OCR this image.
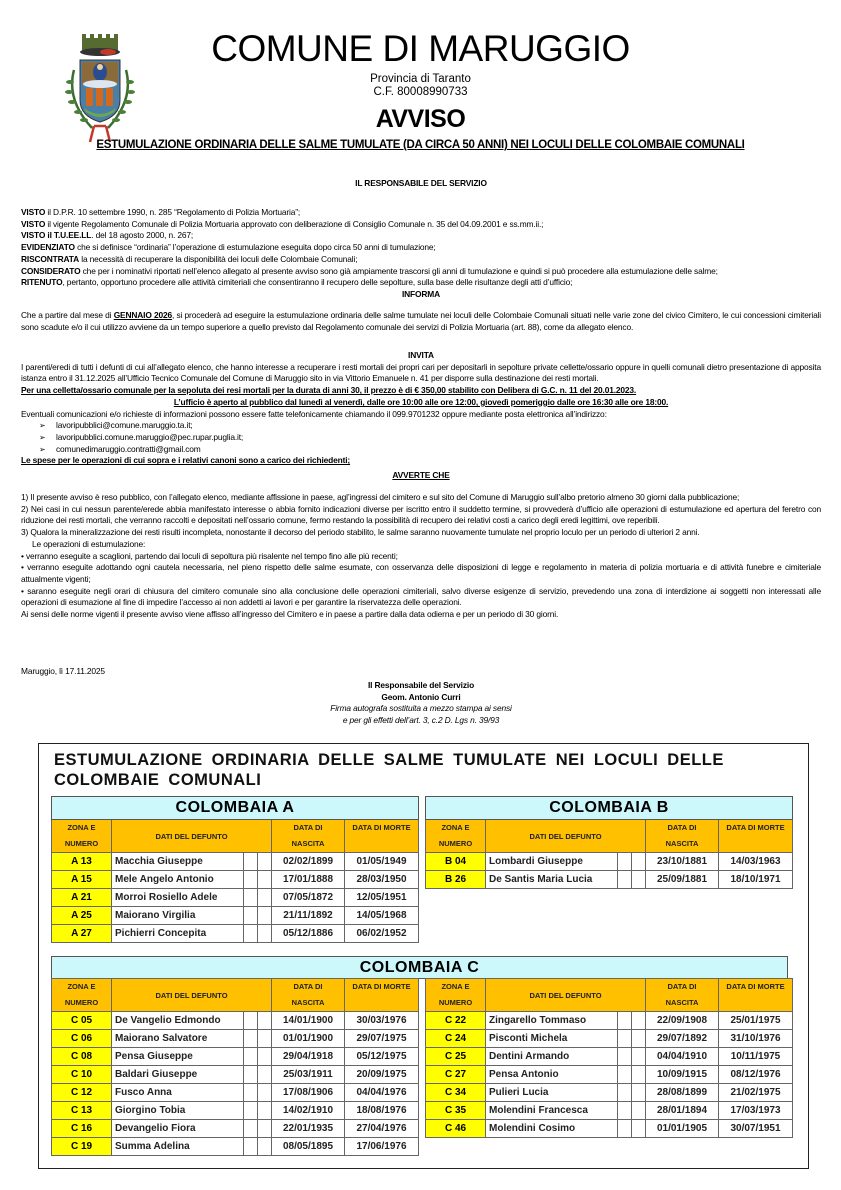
COMUNE DI MARUGGIO
Provincia di Taranto
C.F. 80008990733
AVVISO
ESTUMULAZIONE ORDINARIA DELLE SALME TUMULATE (DA CIRCA 50 ANNI) NEI LOCULI DELLE COLOMBAIE COMUNALI
IL RESPONSABILE DEL SERVIZIO

VISTO il D.P.R. 10 settembre 1990, n. 285 “Regolamento di Polizia Mortuaria”;

VISTO il vigente Regolamento Comunale di Polizia Mortuaria approvato con deliberazione di Consiglio Comunale n. 35 del 04.09.2001 e ss.mm.ii.;

VISTO il T.U.EE.LL. del 18 agosto 2000, n. 267;

EVIDENZIATO che si definisce “ordinaria” l’operazione di estumulazione eseguita dopo circa 50 anni di tumulazione;

RISCONTRATA la necessità di recuperare la disponibilità dei loculi delle Colombaie Comunali;

CONSIDERATO che per i nominativi riportati nell’elenco allegato al presente avviso sono già ampiamente trascorsi gli anni di tumulazione e quindi si può procedere alla estumulazione delle salme;

RITENUTO, pertanto, opportuno procedere alle attività cimiteriali che consentiranno il recupero delle sepolture, sulla base delle risultanze degli atti d’ufficio;

INFORMA

Che a partire dal mese di GENNAIO 2026, si procederà ad eseguire la estumulazione ordinaria delle salme tumulate nei loculi delle Colombaie Comunali situati nelle varie zone del civico Cimitero, le cui concessioni cimiteriali sono scadute e/o il cui utilizzo avviene da un tempo superiore a quello previsto dal Regolamento comunale dei servizi di Polizia Mortuaria (art. 88), come da allegato elenco.

INVITA

I parenti/eredi di tutti i defunti di cui all’allegato elenco, che hanno interesse a recuperare i resti mortali dei propri cari per depositarli in sepolture private cellette/ossario oppure in quelli comunali dietro presentazione di apposita istanza entro il 31.12.2025 all’Ufficio Tecnico Comunale del Comune di Maruggio sito in via Vittorio Emanuele n. 41 per disporre sulla destinazione dei resti mortali.

Per una celletta/ossario comunale per la sepoluta dei resi mortali per la durata di anni 30, il prezzo è di € 350,00 stabilito con Delibera di G.C. n. 11 del 20.01.2023.

L’ufficio è aperto al pubblico dal lunedì al venerdì, dalle ore 10:00 alle ore 12:00, giovedì pomeriggio dalle ore 16:30 alle ore 18:00.

Eventuali comunicazioni e/o richieste di informazioni possono essere fatte telefonicamente chiamando il 099.9701232 oppure mediante posta elettronica all’indirizzo:

➢ lavoripubblici@comune.maruggio.ta.it;
➢ lavoripubblici.comune.maruggio@pec.rupar.puglia.it;
➢ comunedimaruggio.contratti@gmail.com

Le spese per le operazioni di cui sopra e i relativi canoni sono a carico dei richiedenti;

AVVERTE CHE

1) Il presente avviso è reso pubblico, con l’allegato elenco, mediante affissione in paese, agl’ingressi del cimitero e sul sito del Comune di Maruggio sull’albo pretorio almeno 30 giorni dalla pubblicazione;

2) Nei casi in cui nessun parente/erede abbia manifestato interesse o abbia fornito indicazioni diverse per iscritto entro il suddetto termine, si provvederà d’ufficio alle operazioni di estumulazione ed apertura del feretro con riduzione dei resti mortali, che verranno raccolti e depositati nell’ossario comune, fermo restando la possibilità di recupero dei relativi costi a carico degli eredi legittimi, ove reperibili.

3) Qualora la mineralizzazione dei resti risulti incompleta, nonostante il decorso del periodo stabilito, le salme saranno nuovamente tumulate nel proprio loculo per un periodo di ulteriori 2 anni.

Le operazioni di estumulazione:

• verranno eseguite a scaglioni, partendo dai loculi di sepoltura più risalente nel tempo fino alle più recenti;

• verranno eseguite adottando ogni cautela necessaria, nel pieno rispetto delle salme esumate, con osservanza delle disposizioni di legge e regolamento in materia di polizia mortuaria e di attività funebre e cimiteriale attualmente vigenti;

• saranno eseguite negli orari di chiusura del cimitero comunale sino alla conclusione delle operazioni cimiteriali, salvo diverse esigenze di servizio, prevedendo una zona di interdizione ai soggetti non interessati alle operazioni di esumazione al fine di impedire l’accesso ai non addetti ai lavori e per garantire la riservatezza delle operazioni.

Ai sensi delle norme vigenti il presente avviso viene affisso all’ingresso del Cimitero e in paese a partire dalla data odierna e per un periodo di 30 giorni.

Maruggio, lì 17.11.2025

Il Responsabile del Servizio

Geom. Antonio Curri

Firma autografa sostituita a mezzo stampa ai sensi

e per gli effetti dell’art. 3, c.2 D. Lgs n. 39/93

ESTUMULAZIONE ORDINARIA DELLE SALME TUMULATE NEI LOCULI DELLE COLOMBAIE COMUNALI
COLOMBAIA A					

ZONA E
NUMERO	DATI DEL DEFUNTO			DATA DI
NASCITA	DATA DI MORTE
A 13	Macchia Giuseppe			02/02/1899	01/05/1949
A 15	Mele Angelo Antonio			17/01/1888	28/03/1950
A 21	Morroi Rosiello Adele			07/05/1872	12/05/1951
A 25	Maiorano Virgilia			21/11/1892	14/05/1968
A 27	Pichierri Concepita			05/12/1886	06/02/1952
COLOMBAIA B					

ZONA E
NUMERO	DATI DEL DEFUNTO			DATA DI
NASCITA	DATA DI MORTE
B 04	Lombardi Giuseppe			23/10/1881	14/03/1963
B 26	De Santis Maria Lucia			25/09/1881	18/10/1971
COLOMBAIA C
ZONA E
NUMERO	DATI DEL DEFUNTO			DATA DI
NASCITA	DATA DI MORTE
C 05	De Vangelio Edmondo			14/01/1900	30/03/1976
C 06	Maiorano Salvatore			01/01/1900	29/07/1975
C 08	Pensa Giuseppe			29/04/1918	05/12/1975
C 10	Baldari Giuseppe			25/03/1911	20/09/1975
C 12	Fusco Anna			17/08/1906	04/04/1976
C 13	Giorgino Tobia			14/02/1910	18/08/1976
C 16	Devangelio Fiora			22/01/1935	27/04/1976
C 19	Summa Adelina			08/05/1895	17/06/1976
ZONA E
NUMERO	DATI DEL DEFUNTO			DATA DI
NASCITA	DATA DI MORTE
C 22	Zingarello Tommaso			22/09/1908	25/01/1975
C 24	Pisconti Michela			29/07/1892	31/10/1976
C 25	Dentini Armando			04/04/1910	10/11/1975
C 27	Pensa Antonio			10/09/1915	08/12/1976
C 34	Pulieri Lucia			28/08/1899	21/02/1975
C 35	Molendini Francesca			28/01/1894	17/03/1973
C 46	Molendini Cosimo			01/01/1905	30/07/1951
